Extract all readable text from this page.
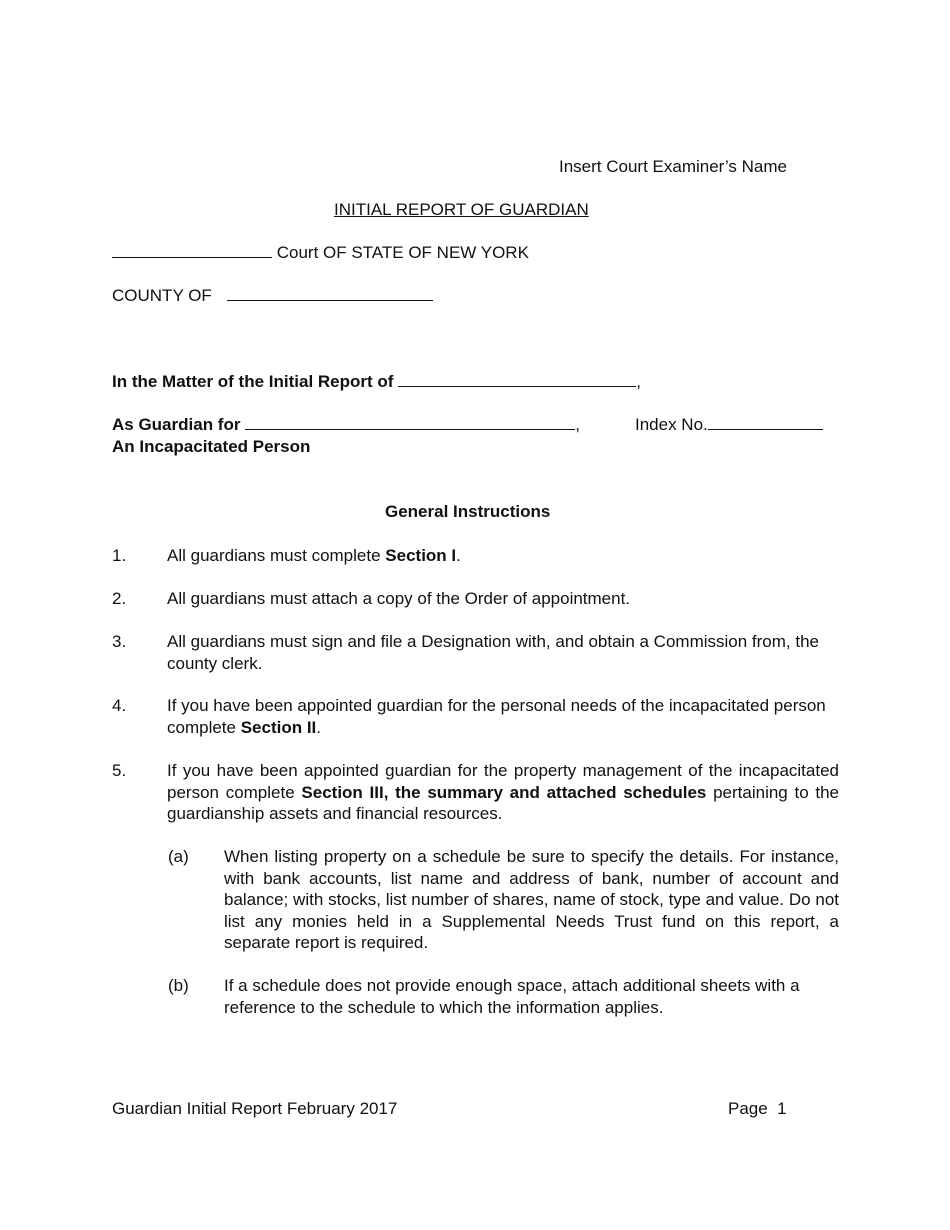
Insert Court Examiner’s Name
INITIAL REPORT OF GUARDIAN
Court OF STATE OF NEW YORK
COUNTY OF
In the Matter of the Initial Report of	,
As Guardian for	,	Index No.
An Incapacitated Person
General Instructions
1. All guardians must complete Section I.
2. All guardians must attach a copy of the Order of appointment.
3. All guardians must sign and file a Designation with, and obtain a Commission from, the county clerk.
4. If you have been appointed guardian for the personal needs of the incapacitated person complete Section II.
5. If you have been appointed guardian for the property management of the incapacitated person complete Section III, the summary and attached schedules pertaining to the guardianship assets and financial resources.
(a) When listing property on a schedule be sure to specify the details. For instance, with bank accounts, list name and address of bank, number of account and balance; with stocks, list number of shares, name of stock, type and value. Do not list any monies held in a Supplemental Needs Trust fund on this report, a separate report is required.
(b) If a schedule does not provide enough space, attach additional sheets with a reference to the schedule to which the information applies.
Guardian Initial Report February 2017	Page 1
